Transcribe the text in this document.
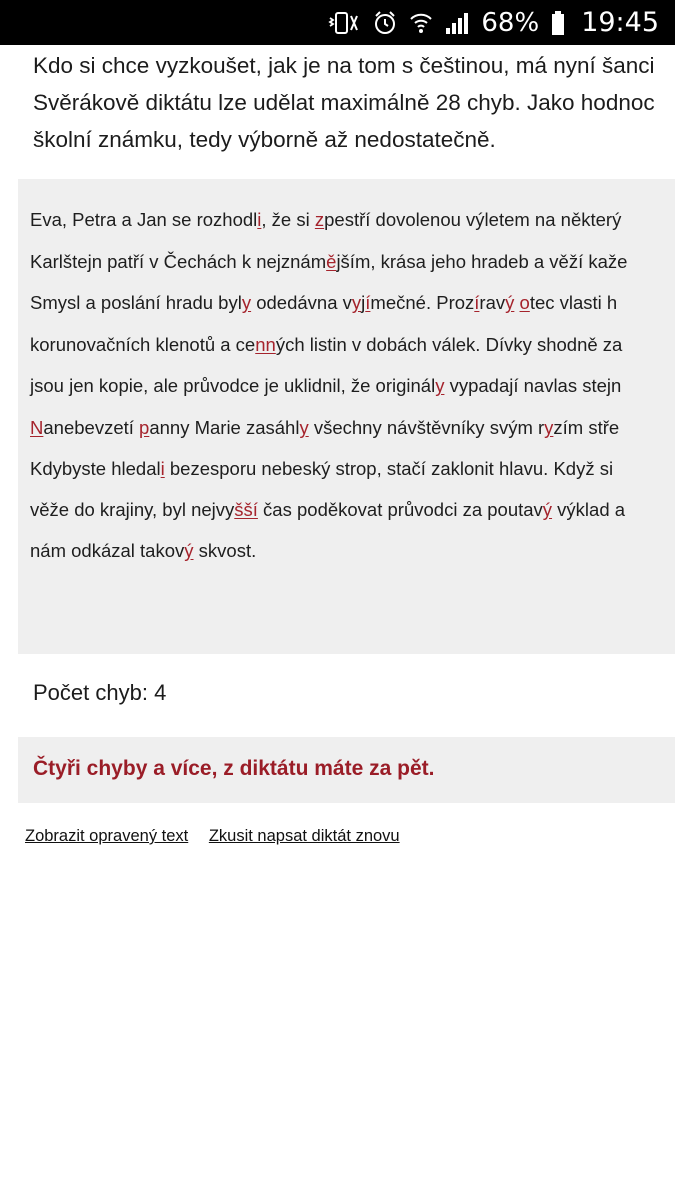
68% 19:45
Kdo si chce vyzkoušet, jak je na tom s češtinou, má nyní šanci
Svěrákově diktátu lze udělat maximálně 28 chyb. Jako hodnoc
školní známku, tedy výborně až nedostatečně.
Eva, Petra a Jan se rozhodli, že si zpestří dovolenou výletem na některý
Karlštejn patří v Čechách k nejznámějším, krása jeho hradeb a věží kaže
Smysl a poslání hradu byly odedávna vyjímečné. Prozíravý otec vlasti h
korunovačních klenotů a cenných listin v dobách válek. Dívky shodně za
jsou jen kopie, ale průvodce je uklidnil, že originály vypadají navlas stejn
Nanebevzetí panny Marie zasáhly všechny návštěvníky svým ryzím stře
Kdybyste hledali bezesporu nebeský strop, stačí zaklonit hlavu. Když si
věže do krajiny, byl nejvyšší čas poděkovat průvodci za poutavý výklad a
nám odkázal takový skvost.
Počet chyb: 4
Čtyři chyby a více, z diktátu máte za pět.
Zobrazit opravený text Zkusit napsat diktát znovu
